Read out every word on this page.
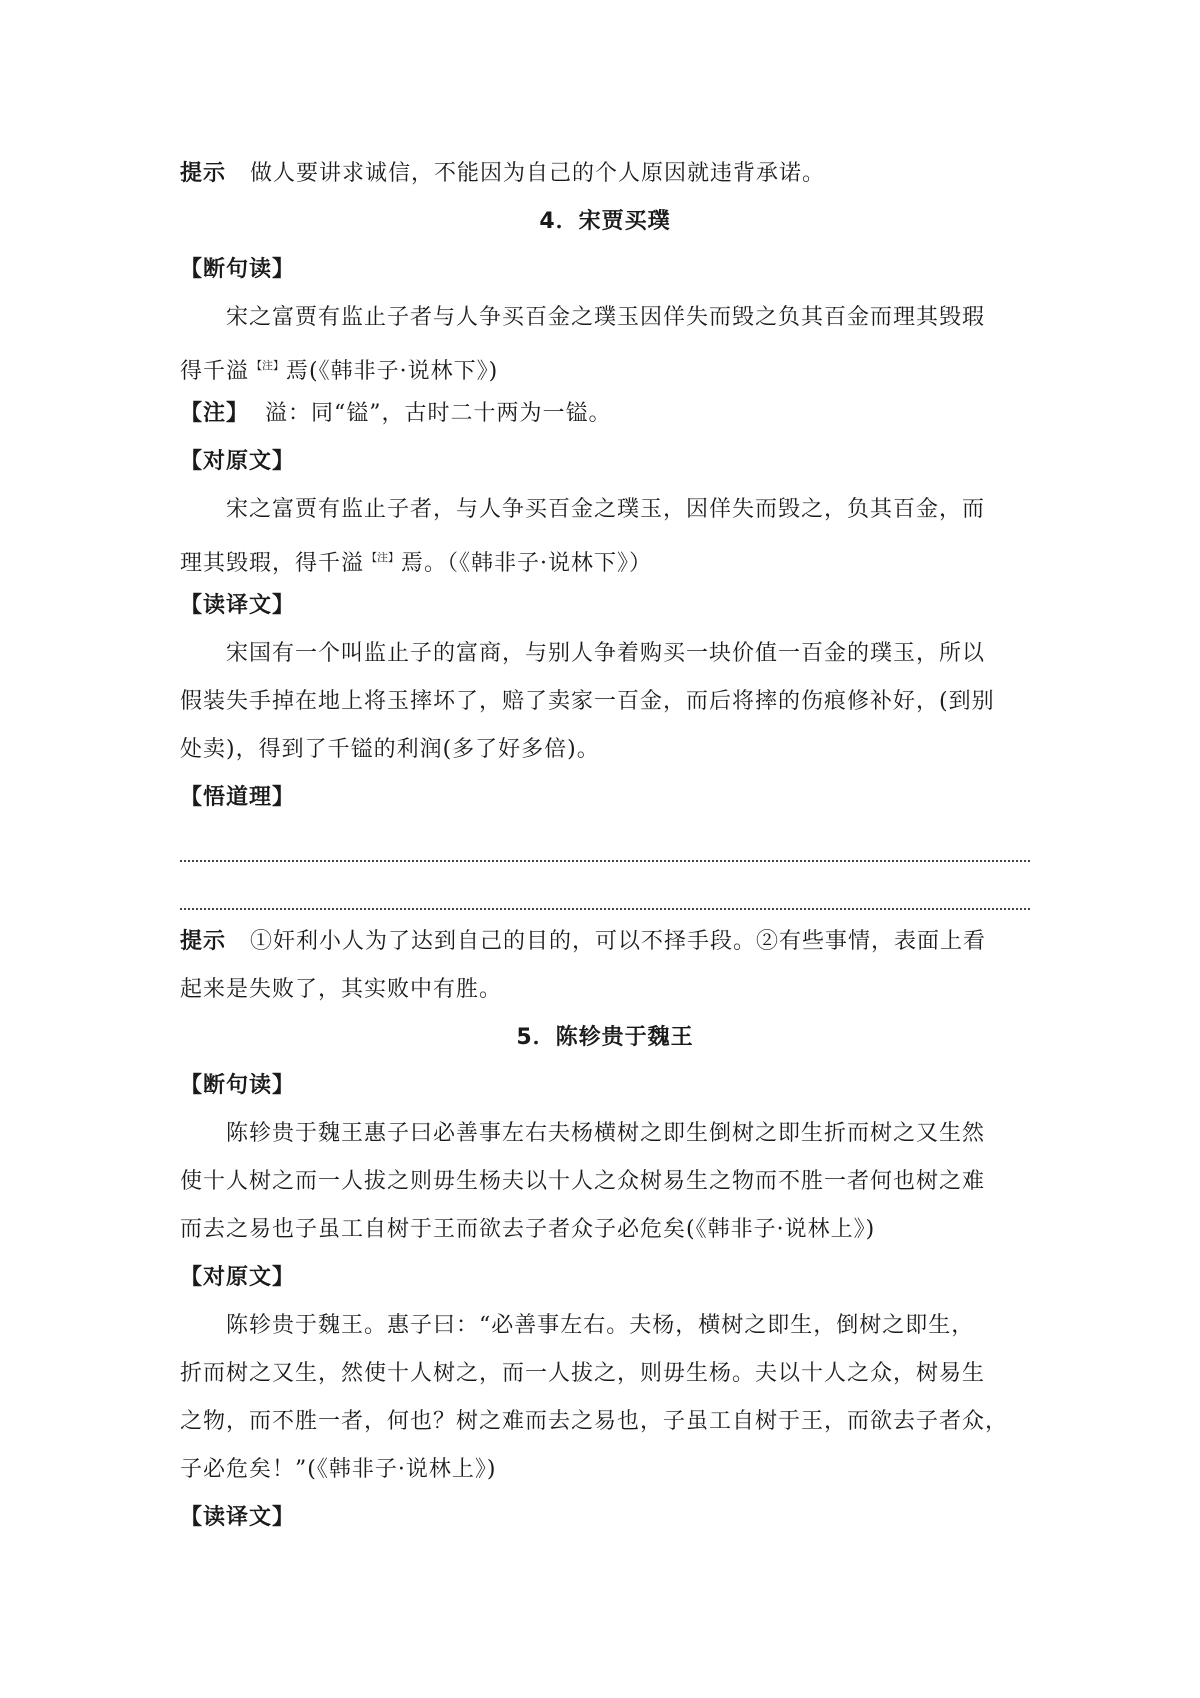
提示 做人要讲求诚信，不能因为自己的个人原因就违背承诺。
4．宋贾买璞
【断句读】
宋之富贾有监止子者与人争买百金之璞玉因佯失而毁之负其百金而理其毁瑕
得千溢 $^{【注】}$焉(《韩非子·说林下》)
【注】 溢：同“镒”，古时二十两为一镒。
【对原文】
宋之富贾有监止子者，与人争买百金之璞玉，因佯失而毁之，负其百金，而
理其毁瑕，得千溢 $^{【注】}$焉。（《韩非子·说林下》）
【读译文】
宋国有一个叫监止子的富商，与别人争着购买一块价值一百金的璞玉，所以
假装失手掉在地上将玉摔坏了，赔了卖家一百金，而后将摔的伤痕修补好，(到别
处卖)，得到了千镒的利润(多了好多倍)。
【悟道理】
提示 ①奸利小人为了达到自己的目的，可以不择手段。②有些事情，表面上看
起来是失败了，其实败中有胜。
5．陈轸贵于魏王
【断句读】
陈轸贵于魏王惠子曰必善事左右夫杨横树之即生倒树之即生折而树之又生然
使十人树之而一人拔之则毋生杨夫以十人之众树易生之物而不胜一者何也树之难
而去之易也子虽工自树于王而欲去子者众子必危矣(《韩非子·说林上》)
【对原文】
陈轸贵于魏王。惠子曰：“必善事左右。夫杨，横树之即生，倒树之即生，
折而树之又生，然使十人树之，而一人拔之，则毋生杨。夫以十人之众，树易生
之物，而不胜一者，何也？树之难而去之易也，子虽工自树于王，而欲去子者众，
子必危矣！”(《韩非子·说林上》)
【读译文】
